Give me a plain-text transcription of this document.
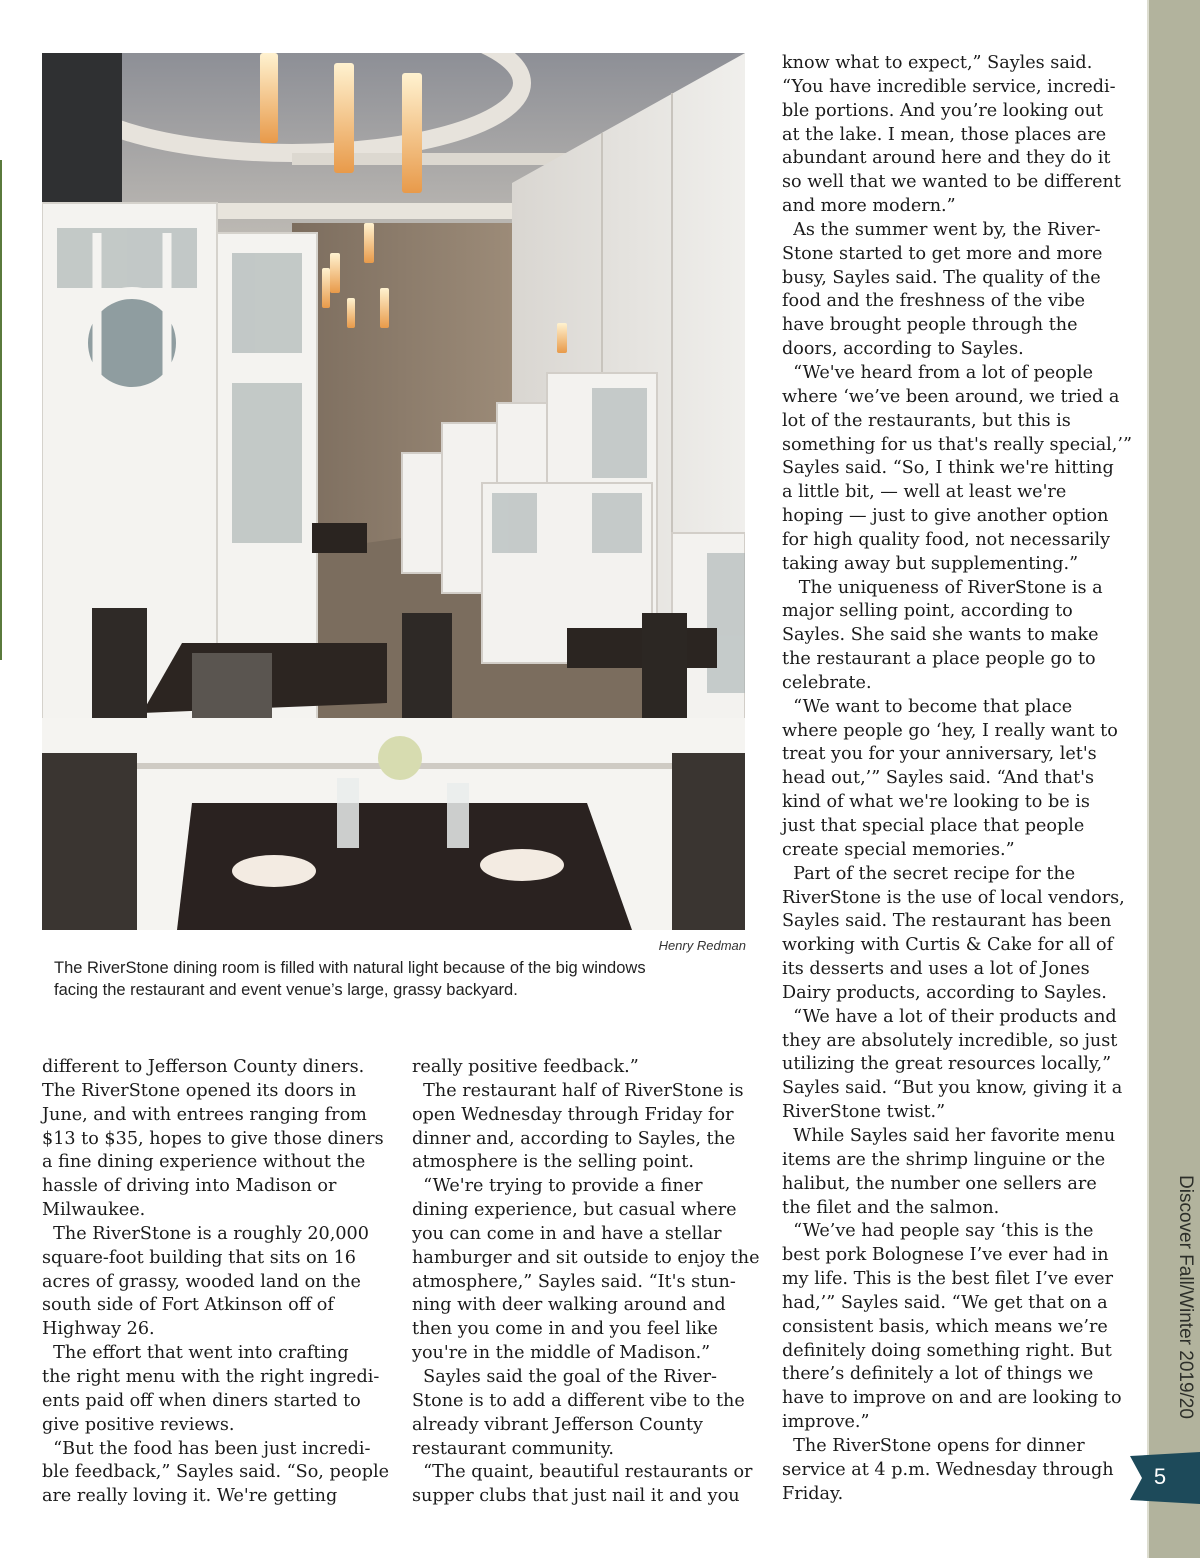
Henry Redman

The RiverStone dining room is filled with natural light because of the big windows

facing the restaurant and event venue’s large, grassy backyard.

different to Jefferson County diners.

The RiverStone opened its doors in

June, and with entrees ranging from

$13 to $35, hopes to give those diners

a fine dining experience without the

hassle of driving into Madison or

Milwaukee.

The RiverStone is a roughly 20,000

square-foot building that sits on 16

acres of grassy, wooded land on the

south side of Fort Atkinson off of

Highway 26.

The effort that went into crafting

the right menu with the right ingredi-

ents paid off when diners started to

give positive reviews.

“But the food has been just incredi-

ble feedback,” Sayles said. “So, people

are really loving it. We're getting

really positive feedback.”

The restaurant half of RiverStone is

open Wednesday through Friday for

dinner and, according to Sayles, the

atmosphere is the selling point.

“We're trying to provide a finer

dining experience, but casual where

you can come in and have a stellar

hamburger and sit outside to enjoy the

atmosphere,” Sayles said. “It's stun-

ning with deer walking around and

then you come in and you feel like

you're in the middle of Madison.”

Sayles said the goal of the River-

Stone is to add a different vibe to the

already vibrant Jefferson County

restaurant community.

“The quaint, beautiful restaurants or

supper clubs that just nail it and you

know what to expect,” Sayles said.

“You have incredible service, incredi-

ble portions. And you’re looking out

at the lake. I mean, those places are

abundant around here and they do it

so well that we wanted to be different

and more modern.”

As the summer went by, the River-

Stone started to get more and more

busy, Sayles said. The quality of the

food and the freshness of the vibe

have brought people through the

doors, according to Sayles.

“We've heard from a lot of people

where ‘we’ve been around, we tried a

lot of the restaurants, but this is

something for us that's really special,’”

Sayles said. “So, I think we're hitting

a little bit, — well at least we're

hoping — just to give another option

for high quality food, not necessarily

taking away but supplementing.”

The uniqueness of RiverStone is a

major selling point, according to

Sayles. She said she wants to make

the restaurant a place people go to

celebrate.

“We want to become that place

where people go ‘hey, I really want to

treat you for your anniversary, let's

head out,’” Sayles said. “And that's

kind of what we're looking to be is

just that special place that people

create special memories.”

Part of the secret recipe for the

RiverStone is the use of local vendors,

Sayles said. The restaurant has been

working with Curtis & Cake for all of

its desserts and uses a lot of Jones

Dairy products, according to Sayles.

“We have a lot of their products and

they are absolutely incredible, so just

utilizing the great resources locally,”

Sayles said. “But you know, giving it a

RiverStone twist.”

While Sayles said her favorite menu

items are the shrimp linguine or the

halibut, the number one sellers are

the filet and the salmon.

“We’ve had people say ‘this is the

best pork Bolognese I’ve ever had in

my life. This is the best filet I’ve ever

had,’” Sayles said. “We get that on a

consistent basis, which means we’re

definitely doing something right. But

there’s definitely a lot of things we

have to improve on and are looking to

improve.”

The RiverStone opens for dinner

service at 4 p.m. Wednesday through

Friday.

Discover Fall/Winter 2019/20
5
